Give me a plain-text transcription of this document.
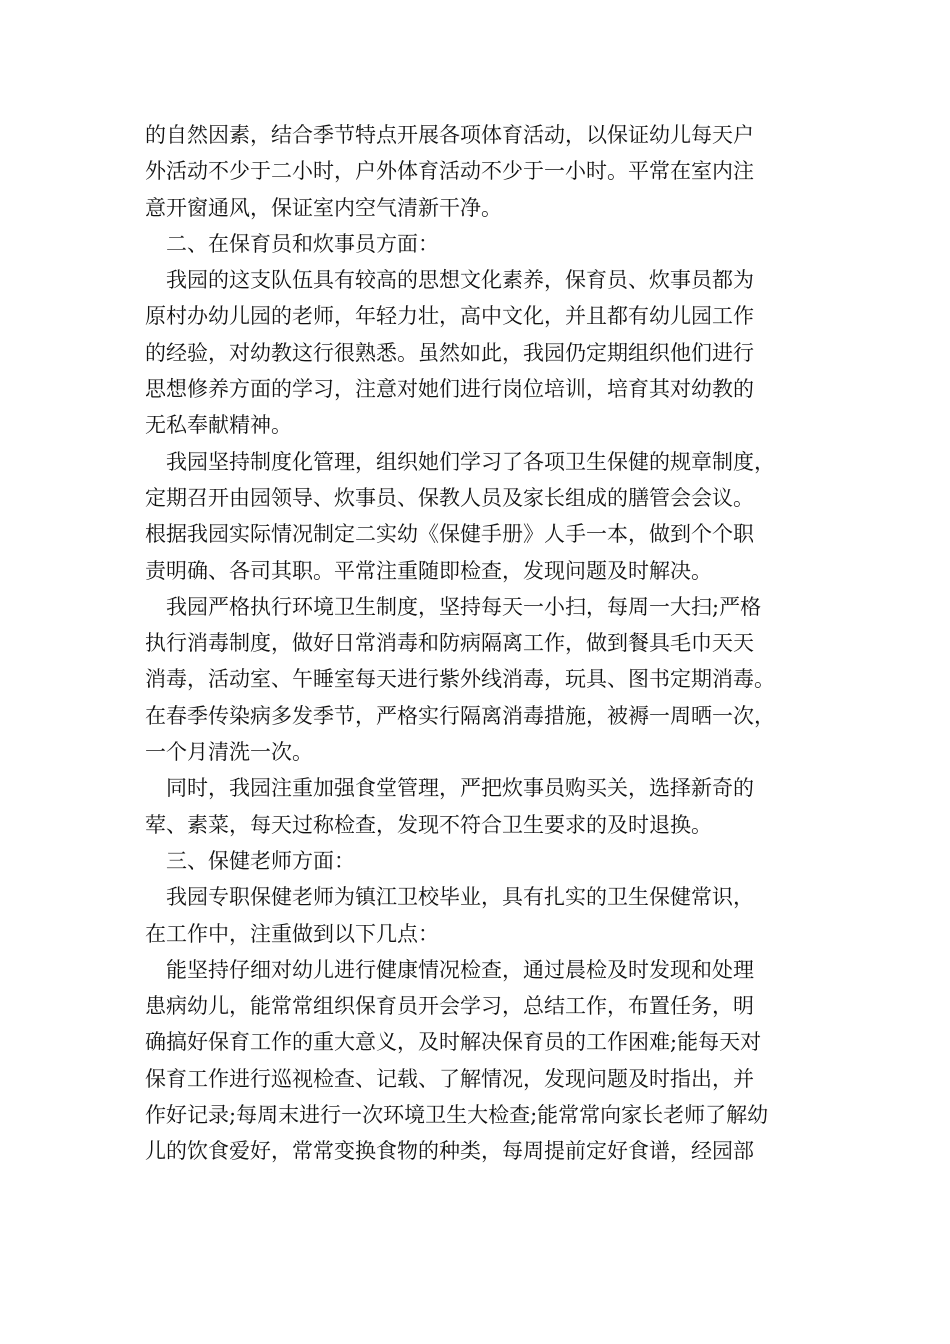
的自然因素，结合季节特点开展各项体育活动，以保证幼儿每天户
外活动不少于二小时，户外体育活动不少于一小时。平常在室内注
意开窗通风，保证室内空气清新干净。
二、在保育员和炊事员方面：
我园的这支队伍具有较高的思想文化素养，保育员、炊事员都为
原村办幼儿园的老师，年轻力壮，高中文化，并且都有幼儿园工作
的经验，对幼教这行很熟悉。虽然如此，我园仍定期组织他们进行
思想修养方面的学习，注意对她们进行岗位培训，培育其对幼教的
无私奉献精神。
我园坚持制度化管理，组织她们学习了各项卫生保健的规章制度，
定期召开由园领导、炊事员、保教人员及家长组成的膳管会会议。
根据我园实际情况制定二实幼《保健手册》人手一本，做到个个职
责明确、各司其职。平常注重随即检查，发现问题及时解决。
我园严格执行环境卫生制度，坚持每天一小扫，每周一大扫;严格
执行消毒制度，做好日常消毒和防病隔离工作，做到餐具毛巾天天
消毒，活动室、午睡室每天进行紫外线消毒，玩具、图书定期消毒。
在春季传染病多发季节，严格实行隔离消毒措施，被褥一周晒一次，
一个月清洗一次。
同时，我园注重加强食堂管理，严把炊事员购买关，选择新奇的
荤、素菜，每天过称检查，发现不符合卫生要求的及时退换。
三、保健老师方面：
我园专职保健老师为镇江卫校毕业，具有扎实的卫生保健常识，
在工作中，注重做到以下几点：
能坚持仔细对幼儿进行健康情况检查，通过晨检及时发现和处理
患病幼儿，能常常组织保育员开会学习，总结工作，布置任务，明
确搞好保育工作的重大意义，及时解决保育员的工作困难;能每天对
保育工作进行巡视检查、记载、了解情况，发现问题及时指出，并
作好记录;每周末进行一次环境卫生大检查;能常常向家长老师了解幼
儿的饮食爱好，常常变换食物的种类，每周提前定好食谱，经园部
